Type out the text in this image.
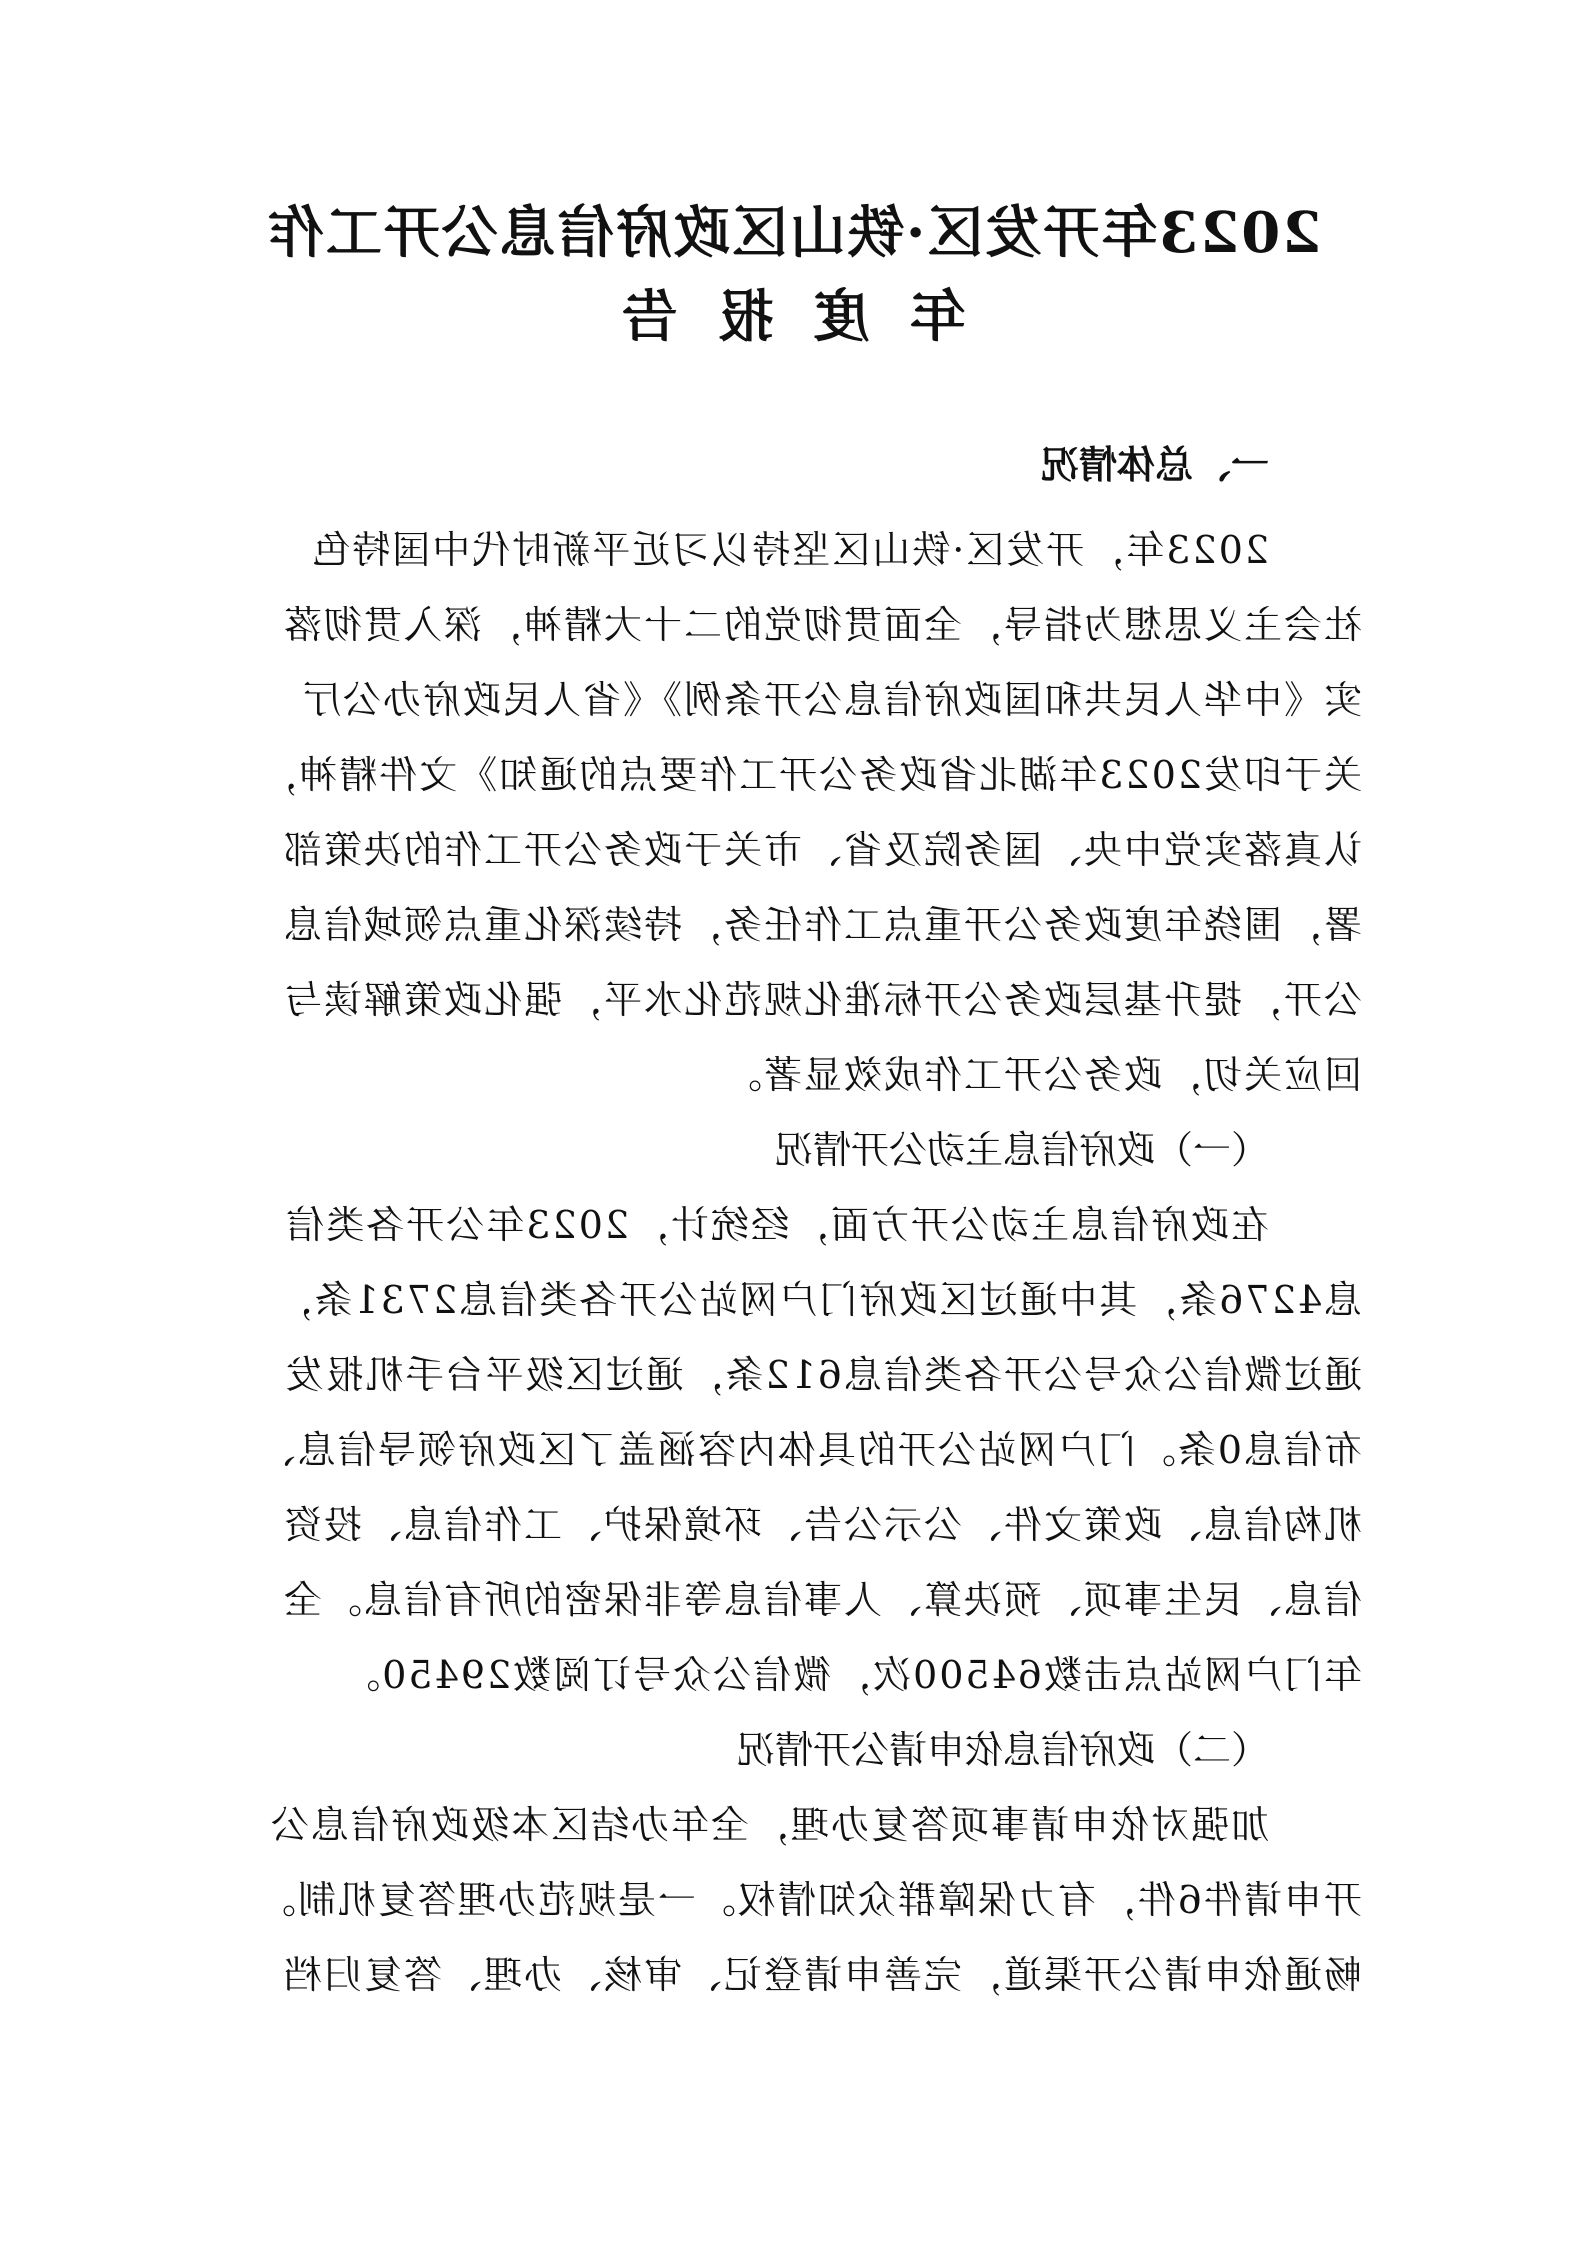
2023年开发区·铁山区政府信息公开工作
年度报告
一、总体情况
2023年，开发区·铁山区坚持以习近平新时代中国特色
社会主义思想为指导，全面贯彻党的二十大精神，深入贯彻落
实《中华人民共和国政府信息公开条例》《省人民政府办公厅
关于印发2023年湖北省政务公开工作要点的通知》文件精神，
认真落实党中央、国务院及省、市关于政务公开工作的决策部
署，围绕年度政务公开重点工作任务，持续深化重点领域信息
公开，提升基层政务公开标准化规范化水平，强化政策解读与
回应关切，政务公开工作成效显著。
（一）政府信息主动公开情况
在政府信息主动公开方面，经统计，2023年公开各类信
息4276条，其中通过区政府门户网站公开各类信息2731条，
通过微信公众号公开各类信息612条，通过区级平台手机报发
布信息0条。门户网站公开的具体内容涵盖了区政府领导信息、
机构信息、政策文件、公示公告、环境保护、工作信息、投资
信息、民生事项、预决算、人事信息等非保密的所有信息。全
年门户网站点击数64500次，微信公众号订阅数29450。
（二）政府信息依申请公开情况
加强对依申请事项答复办理，全年办结区本级政府信息公
开申请件6件，有力保障群众知情权。一是规范办理答复机制。
畅通依申请公开渠道，完善申请登记、审核、办理、答复归档
